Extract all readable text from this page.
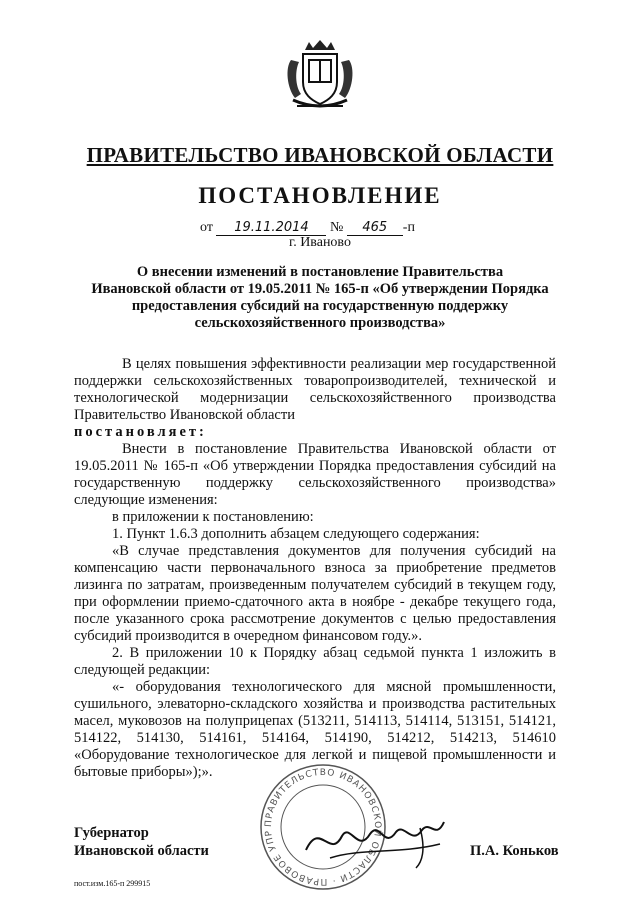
ПРАВИТЕЛЬСТВО ИВАНОВСКОЙ ОБЛАСТИ
ПОСТАНОВЛЕНИЕ
от 19.11.2014 № 465 -п
г. Иваново
О внесении изменений в постановление Правительства
Ивановской области от 19.05.2011 № 165-п «Об утверждении Порядка
предоставления субсидий на государственную поддержку
сельскохозяйственного производства»

В целях повышения эффективности реализации мер государственной поддержки сельскохозяйственных товаропроизводителей, технической и технологической модернизации сельскохозяйственного производства Правительство Ивановской области

постановляет:

Внести в постановление Правительства Ивановской области от 19.05.2011 № 165-п «Об утверждении Порядка предоставления субсидий на государственную поддержку сельскохозяйственного производства» следующие изменения:

в приложении к постановлению:

1. Пункт 1.6.3 дополнить абзацем следующего содержания:

«В случае представления документов для получения субсидий на компенсацию части первоначального взноса за приобретение предметов лизинга по затратам, произведенным получателем субсидий в текущем году, при оформлении приемо-сдаточного акта в ноябре - декабре текущего года, после указанного срока рассмотрение документов с целью предоставления субсидий производится в очередном финансовом году.».

2. В приложении 10 к Порядку абзац седьмой пункта 1 изложить в следующей редакции:

«- оборудования технологического для мясной промышленности, сушильного, элеваторно-складского хозяйства и производства растительных масел, муковозов на полуприцепах (513211, 514113, 514114, 513151, 514121, 514122, 514130, 514161, 514164, 514190, 514212, 514213, 514610 «Оборудование технологическое для легкой и пищевой промышленности и бытовые приборы»);».

ПРАВИТЕЛЬСТВО ИВАНОВСКОЙ ОБЛАСТИ · ПРАВОВОЕ УПР
Губернатор
Ивановской области	П.А. Коньков
пост.изм.165-п 299915
